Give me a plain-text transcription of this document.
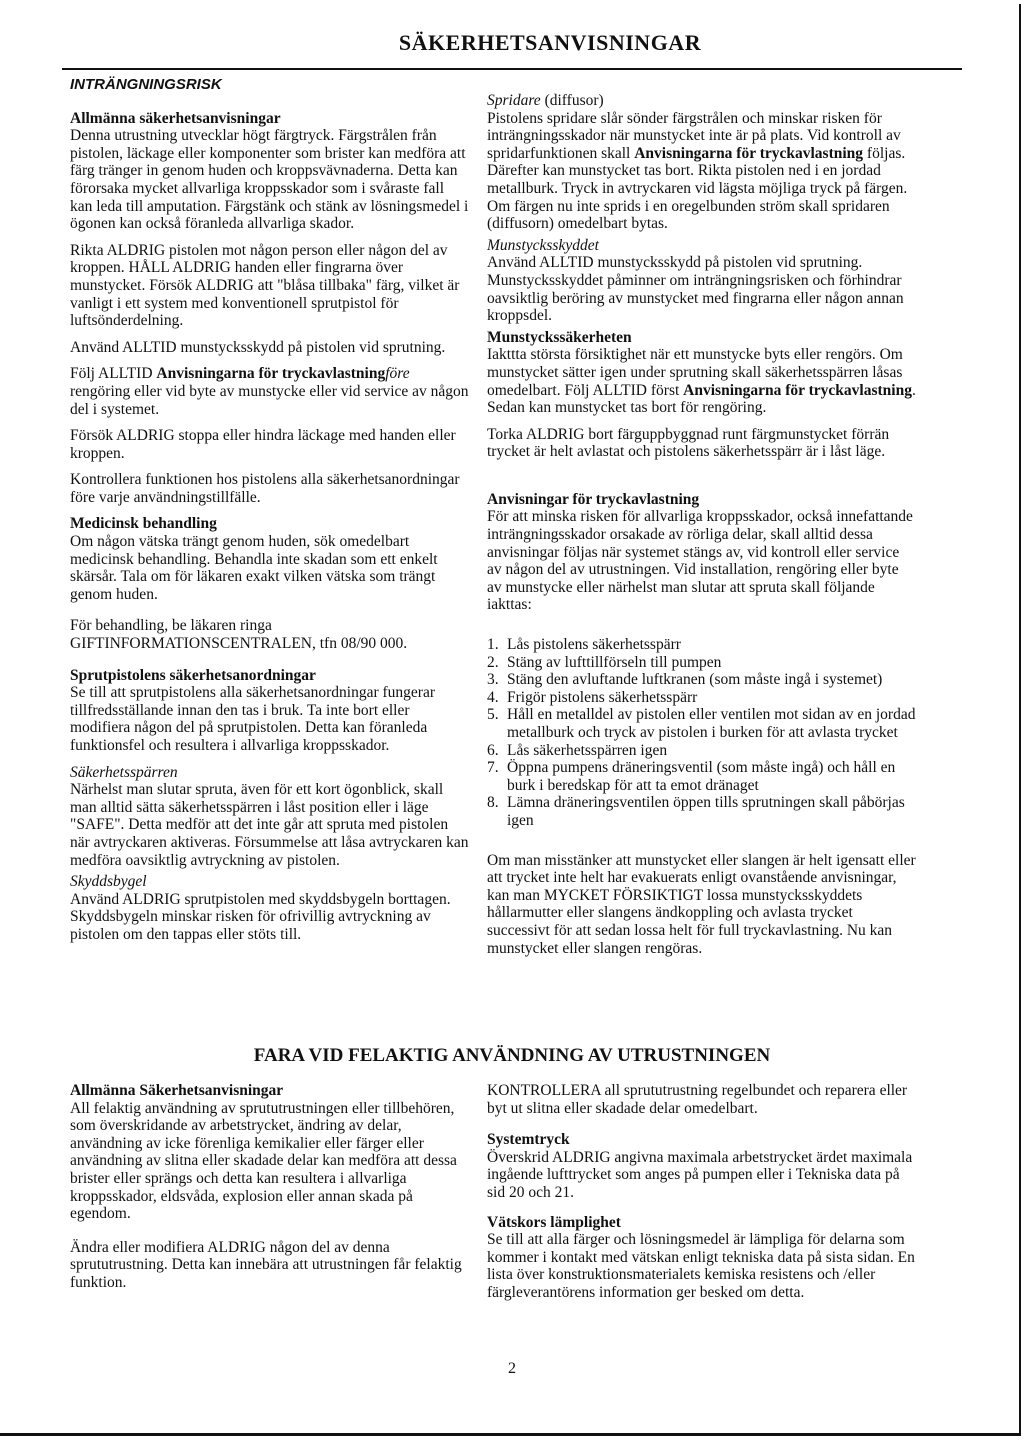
SÄKERHETSANVISNINGAR

INTRÄNGNINGSRISK

Allmänna säkerhetsanvisningar

Denna utrustning utvecklar högt färgtryck. Färgstrålen från pistolen, läckage eller komponenter som brister kan medföra att färg tränger in genom huden och kroppsvävnaderna. Detta kan förorsaka mycket allvarliga kroppsskador som i svåraste fall kan leda till amputation. Färgstänk och stänk av lösningsmedel i ögonen kan också föranleda allvarliga skador.

Rikta ALDRIG pistolen mot någon person eller någon del av kroppen. HÅLL ALDRIG handen eller fingrarna över munstycket. Försök ALDRIG att "blåsa tillbaka" färg, vilket är vanligt i ett system med konventionell sprutpistol för luftsönderdelning.

Använd ALLTID munstycksskydd på pistolen vid sprutning.

Följ ALLTID Anvisningarna för tryckavlastningföre rengöring eller vid byte av munstycke eller vid service av någon del i systemet.

Försök ALDRIG stoppa eller hindra läckage med handen eller kroppen.

Kontrollera funktionen hos pistolens alla säkerhetsanordningar före varje användningstillfälle.

Medicinsk behandling

Om någon vätska trängt genom huden, sök omedelbart medicinsk behandling. Behandla inte skadan som ett enkelt skärsår. Tala om för läkaren exakt vilken vätska som trängt genom huden.

För behandling, be läkaren ringa GIFTINFORMATIONSCENTRALEN, tfn 08/90 000.

Sprutpistolens säkerhetsanordningar

Se till att sprutpistolens alla säkerhetsanordningar fungerar tillfredsställande innan den tas i bruk. Ta inte bort eller modifiera någon del på sprutpistolen. Detta kan föranleda funktionsfel och resultera i allvarliga kroppsskador.

Säkerhetsspärren

Närhelst man slutar spruta, även för ett kort ögonblick, skall man alltid sätta säkerhetsspärren i låst position eller i läge "SAFE". Detta medför att det inte går att spruta med pistolen när avtryckaren aktiveras. Försummelse att låsa avtryckaren kan medföra oavsiktlig avtryckning av pistolen.

Skyddsbygel

Använd ALDRIG sprutpistolen med skyddsbygeln borttagen. Skyddsbygeln minskar risken för ofrivillig avtryckning av pistolen om den tappas eller stöts till.

Spridare (diffusor)

Pistolens spridare slår sönder färgstrålen och minskar risken för inträngningsskador när munstycket inte är på plats. Vid kontroll av spridarfunktionen skall Anvisningarna för tryckavlastning följas. Därefter kan munstycket tas bort. Rikta pistolen ned i en jordad metallburk. Tryck in avtryckaren vid lägsta möjliga tryck på färgen. Om färgen nu inte sprids i en oregelbunden ström skall spridaren (diffusorn) omedelbart bytas.

Munstycksskyddet

Använd ALLTID munstycksskydd på pistolen vid sprutning. Munstycksskyddet påminner om inträngningsrisken och förhindrar oavsiktlig beröring av munstycket med fingrarna eller någon annan kroppsdel.

Munstyckssäkerheten

Iakttta största försiktighet när ett munstycke byts eller rengörs. Om munstycket sätter igen under sprutning skall säkerhetsspärren låsas omedelbart. Följ ALLTID först Anvisningarna för tryckavlastning. Sedan kan munstycket tas bort för rengöring.

Torka ALDRIG bort färguppbyggnad runt färgmunstycket förrän trycket är helt avlastat och pistolens säkerhetsspärr är i låst läge.

Anvisningar för tryckavlastning

För att minska risken för allvarliga kroppsskador, också innefattande inträngningsskador orsakade av rörliga delar, skall alltid dessa anvisningar följas när systemet stängs av, vid kontroll eller service av någon del av utrustningen. Vid installation, rengöring eller byte av munstycke eller närhelst man slutar att spruta skall följande iakttas:

1. Lås pistolens säkerhetsspärr
2. Stäng av lufttillförseln till pumpen
3. Stäng den avluftande luftkranen (som måste ingå i systemet)
4. Frigör pistolens säkerhetsspärr
5. Håll en metalldel av pistolen eller ventilen mot sidan av en jordad metallburk och tryck av pistolen i burken för att avlasta trycket
6. Lås säkerhetsspärren igen
7. Öppna pumpens dräneringsventil (som måste ingå) och håll en burk i beredskap för att ta emot dränaget
8. Lämna dräneringsventilen öppen tills sprutningen skall påbörjas igen

Om man misstänker att munstycket eller slangen är helt igensatt eller att trycket inte helt har evakuerats enligt ovanstående anvisningar, kan man MYCKET FÖRSIKTIGT lossa munstycksskyddets hållarmutter eller slangens ändkoppling och avlasta trycket successivt för att sedan lossa helt för full tryckavlastning. Nu kan munstycket eller slangen rengöras.

FARA VID FELAKTIG ANVÄNDNING AV UTRUSTNINGEN

Allmänna Säkerhetsanvisningar

All felaktig användning av sprututrustningen eller tillbehören, som överskridande av arbetstrycket, ändring av delar, användning av icke förenliga kemikalier eller färger eller användning av slitna eller skadade delar kan medföra att dessa brister eller sprängs och detta kan resultera i allvarliga kroppsskador, eldsvåda, explosion eller annan skada på egendom.

Ändra eller modifiera ALDRIG någon del av denna sprututrustning. Detta kan innebära att utrustningen får felaktig funktion.

KONTROLLERA all sprututrustning regelbundet och reparera eller byt ut slitna eller skadade delar omedelbart.

Systemtryck

Överskrid ALDRIG angivna maximala arbetstrycket ärdet maximala ingående lufttrycket som anges på pumpen eller i Tekniska data på sid 20 och 21.

Vätskors lämplighet

Se till att alla färger och lösningsmedel är lämpliga för delarna som kommer i kontakt med vätskan enligt tekniska data på sista sidan. En lista över konstruktionsmaterialets kemiska resistens och /eller färgleverantörens information ger besked om detta.

2
